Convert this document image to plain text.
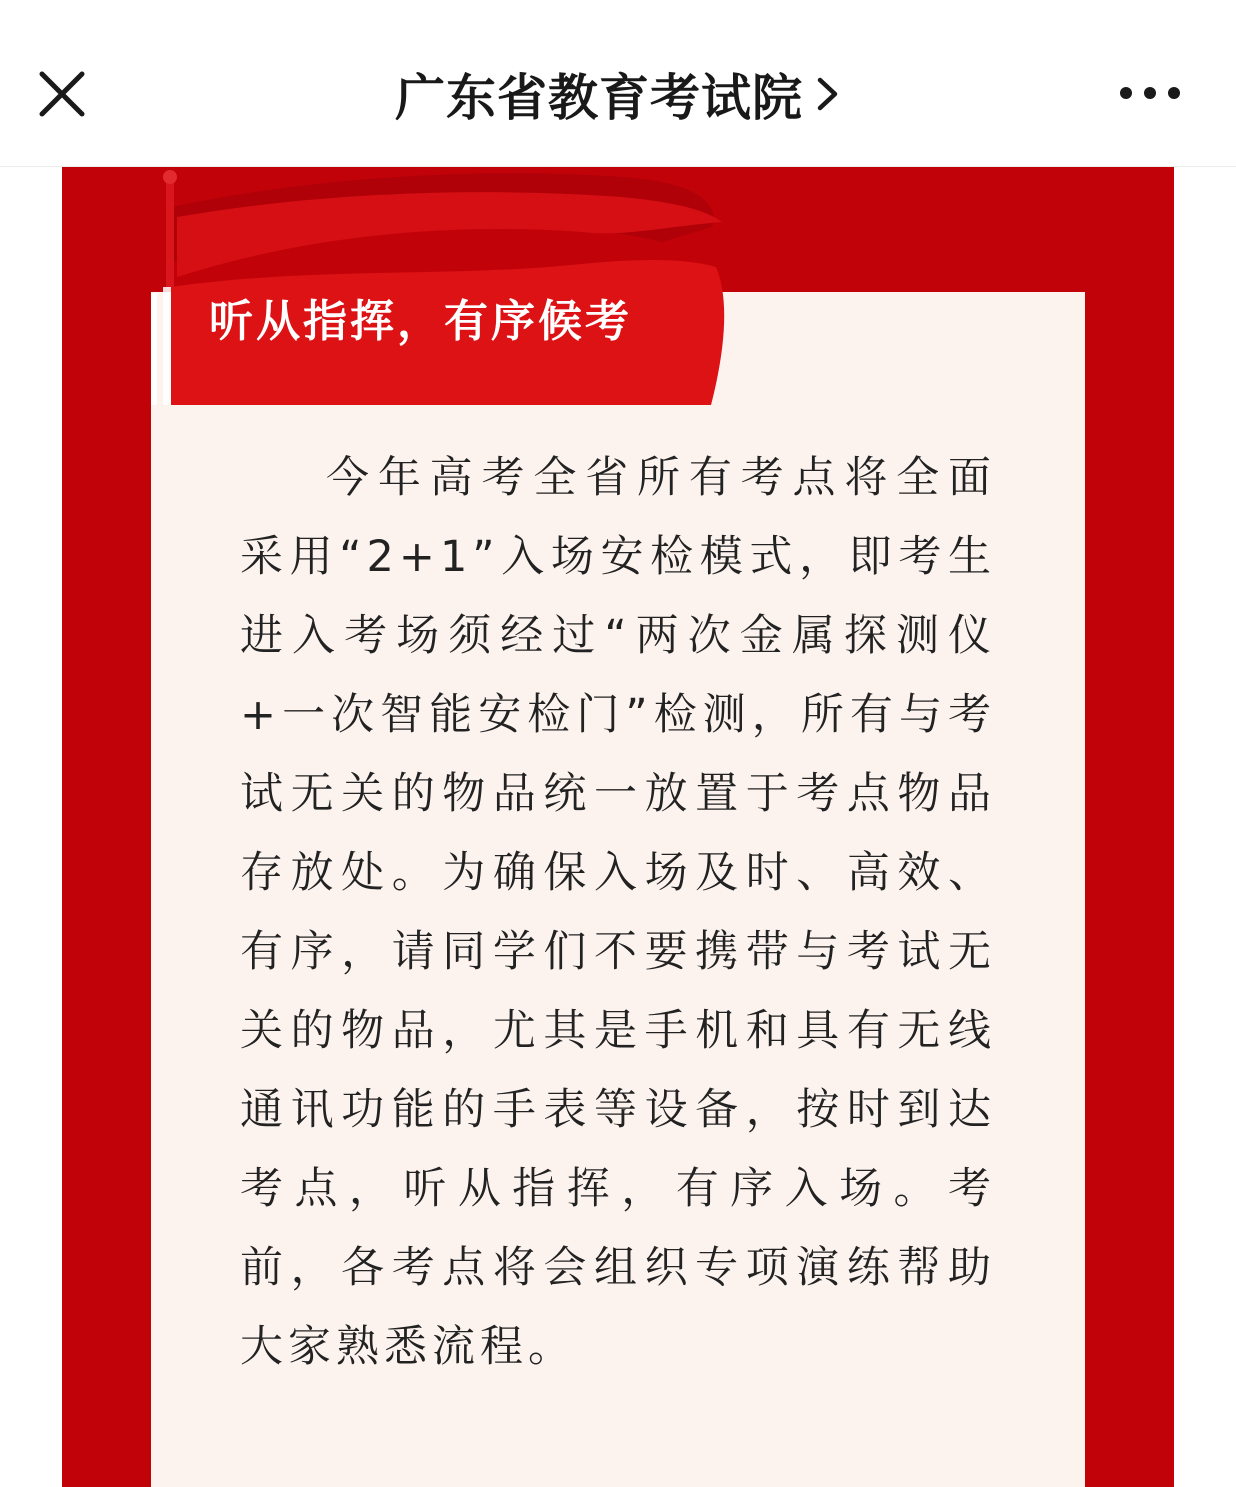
广东省教育考试院
听从指挥，有序候考
今年高考全省所有考点将全面采用“2+1”入场安检模式，即考生进入考场须经过“两次金属探测仪+一次智能安检门”检测，所有与考试无关的物品统一放置于考点物品存放处。为确保入场及时、高效、有序，请同学们不要携带与考试无关的物品，尤其是手机和具有无线通讯功能的手表等设备，按时到达考点，听从指挥，有序入场。考前，各考点将会组织专项演练帮助大家熟悉流程。
